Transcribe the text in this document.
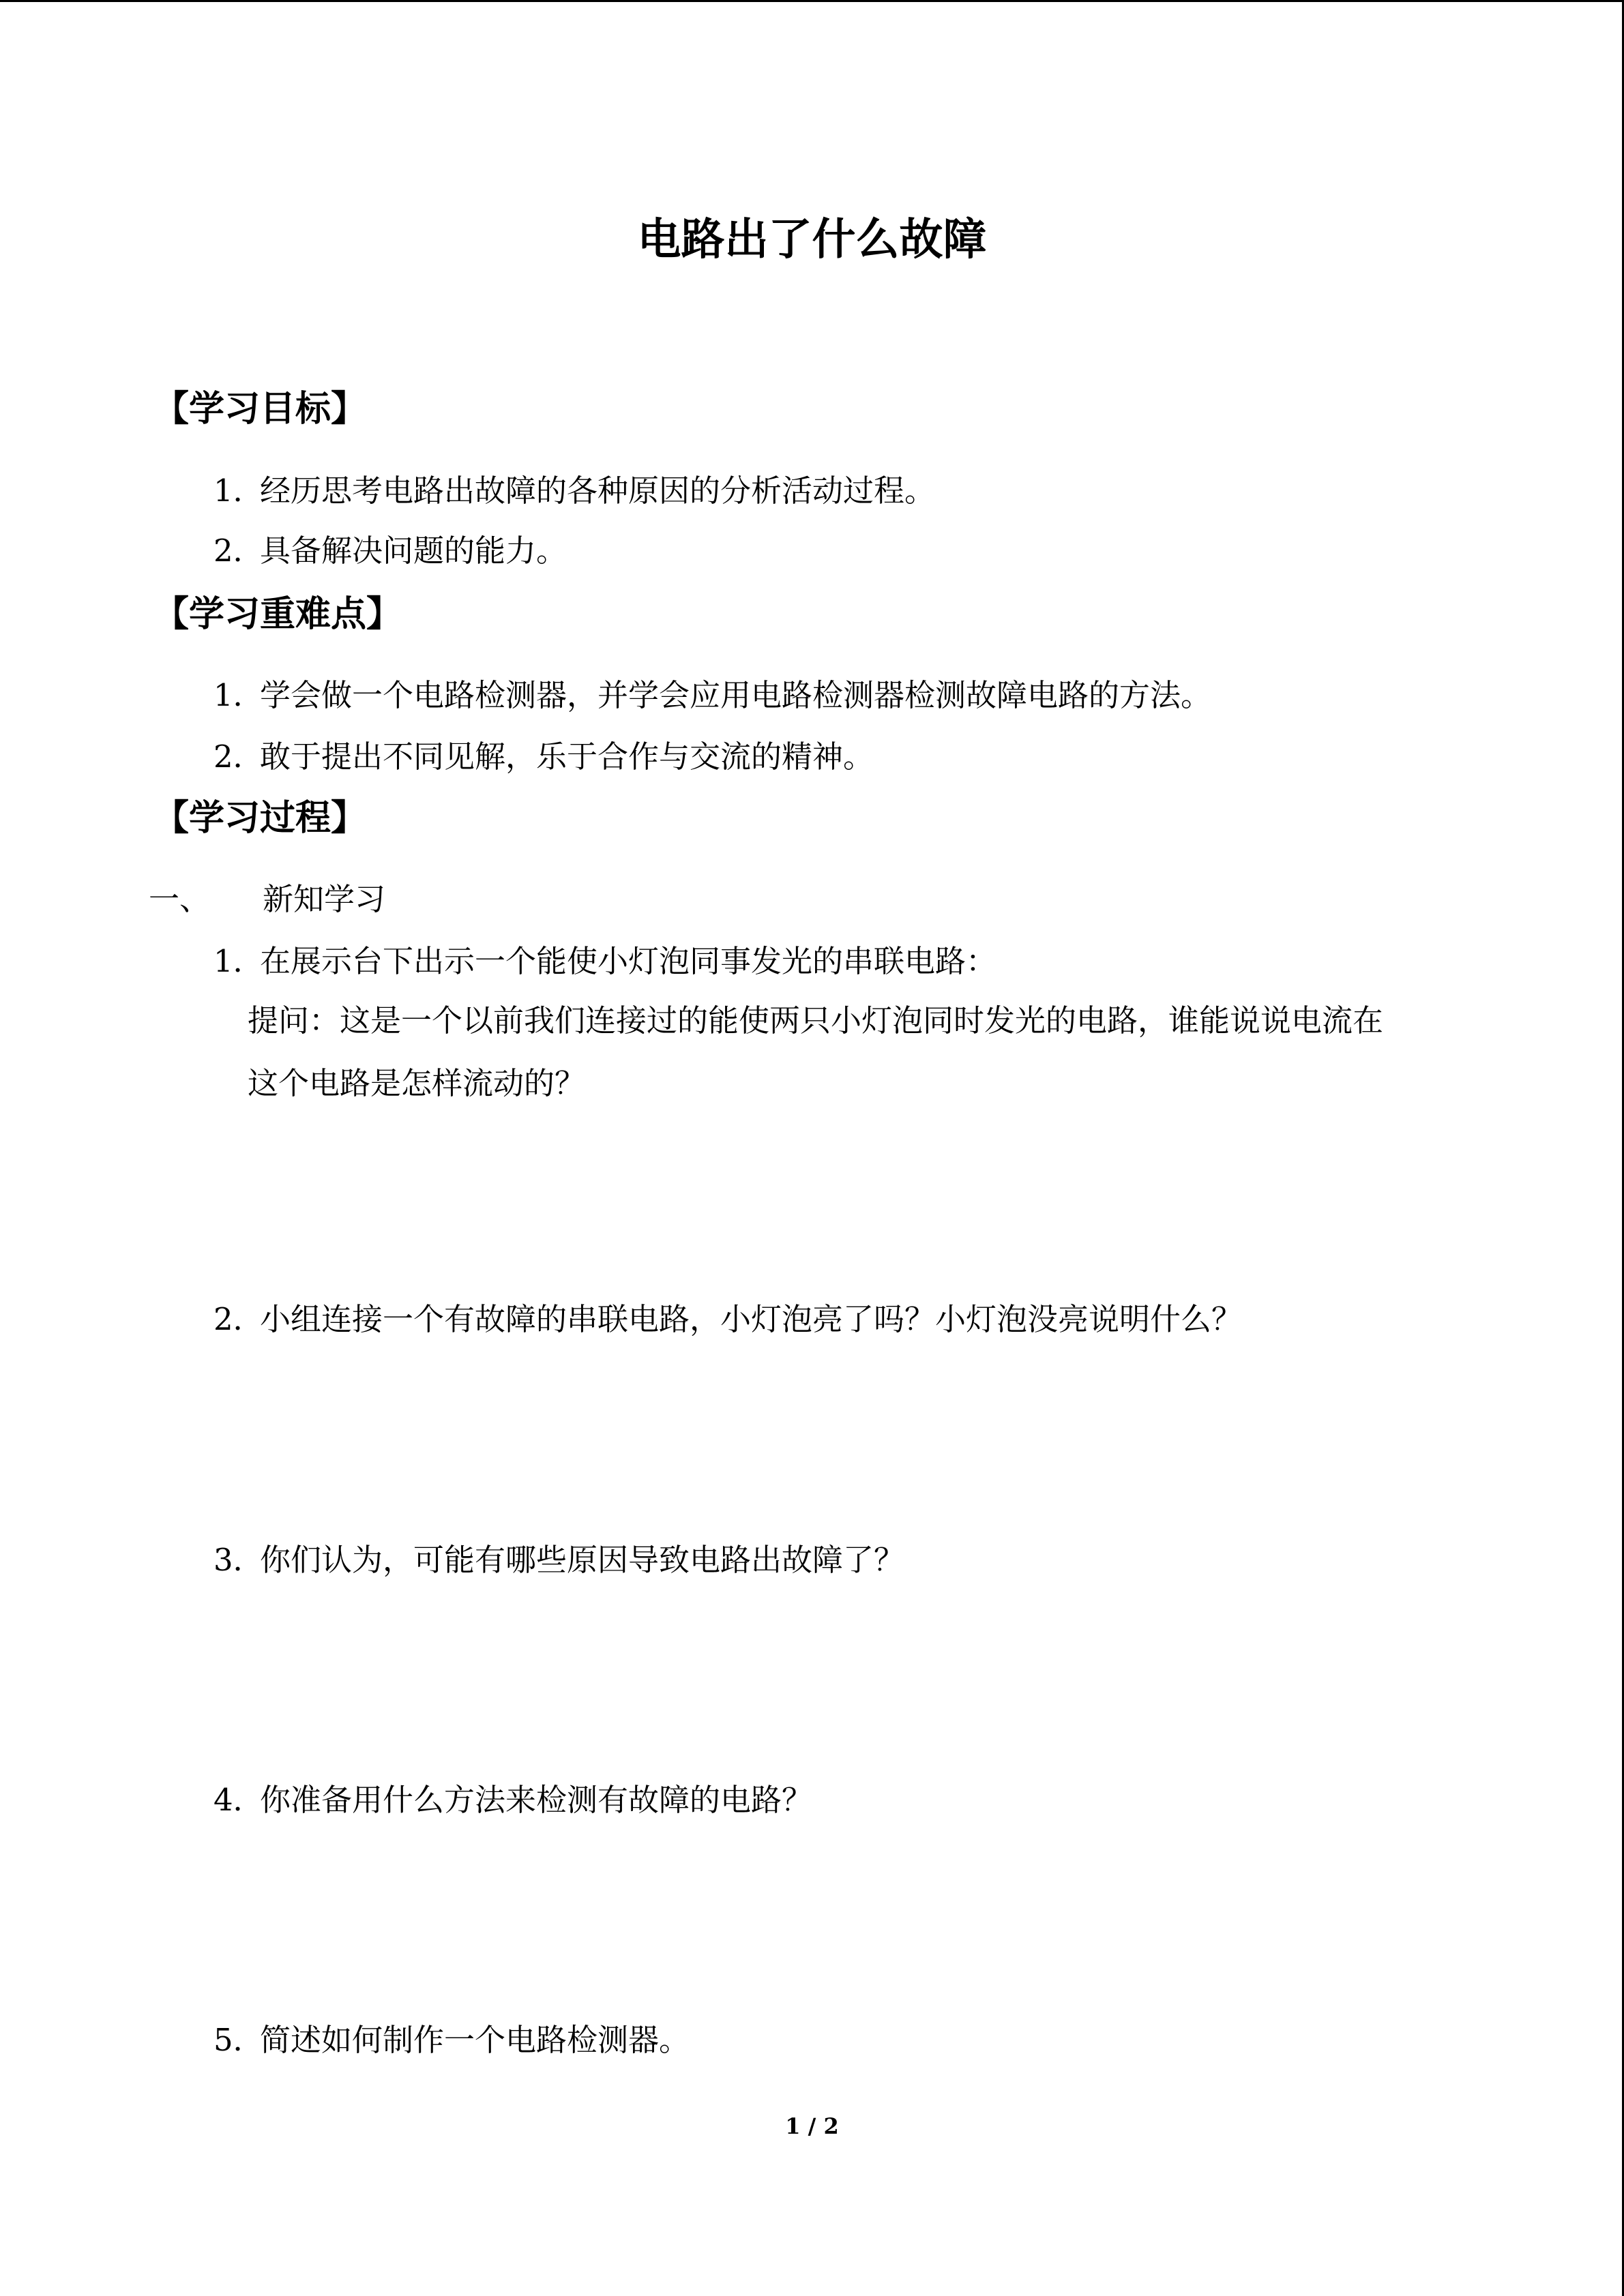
电路出了什么故障
【学习目标】
1．经历思考电路出故障的各种原因的分析活动过程。
2．具备解决问题的能力。
【学习重难点】
1．学会做一个电路检测器，并学会应用电路检测器检测故障电路的方法。
2．敢于提出不同见解，乐于合作与交流的精神。
【学习过程】
一、 新知学习
1．在展示台下出示一个能使小灯泡同事发光的串联电路：
提问：这是一个以前我们连接过的能使两只小灯泡同时发光的电路，谁能说说电流在
这个电路是怎样流动的？
2．小组连接一个有故障的串联电路，小灯泡亮了吗？小灯泡没亮说明什么？
3．你们认为，可能有哪些原因导致电路出故障了？
4．你准备用什么方法来检测有故障的电路？
5．简述如何制作一个电路检测器。
1 / 2
